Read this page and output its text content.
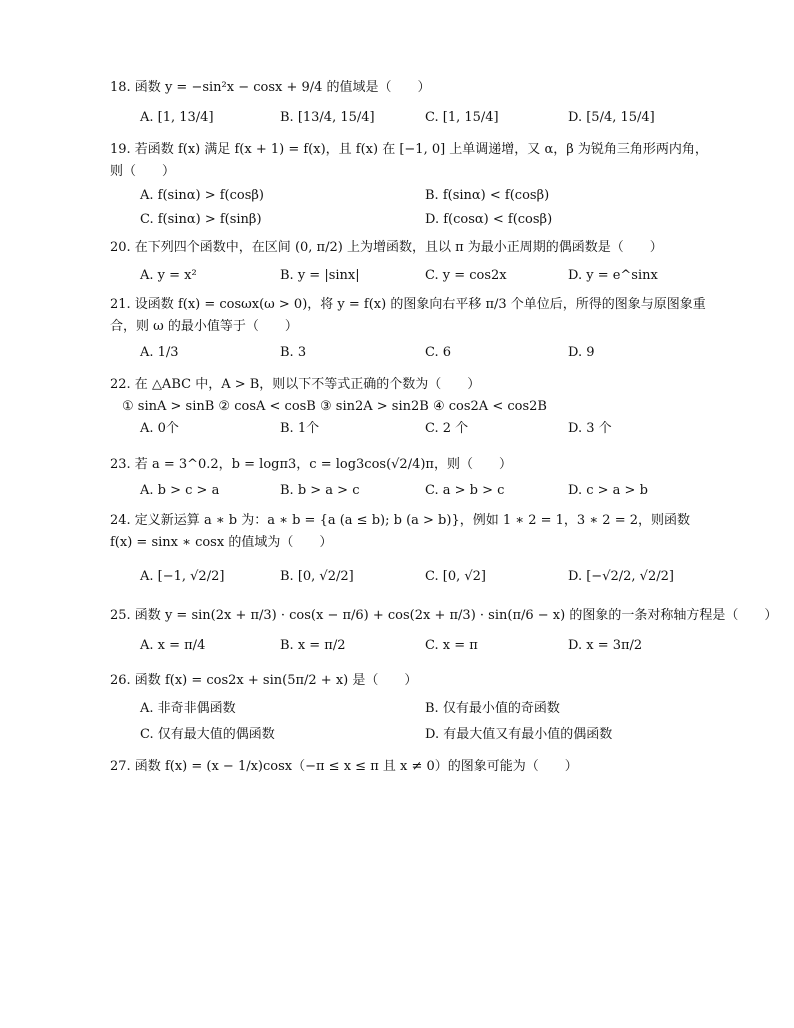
18. 函数 y = −sin²x − cosx + 9/4 的值域是（　　）
A. [1, 13/4]	B. [13/4, 15/4]	C. [1, 15/4]	D. [5/4, 15/4]
19. 若函数 f(x) 满足 f(x + 1) = f(x)，且 f(x) 在 [−1, 0] 上单调递增，又 α，β 为锐角三角形两内角，则（　　）
A. f(sinα) > f(cosβ)	B. f(sinα) < f(cosβ)
C. f(sinα) > f(sinβ)	D. f(cosα) < f(cosβ)
20. 在下列四个函数中，在区间 (0, π/2) 上为增函数，且以 π 为最小正周期的偶函数是（　　）
A. y = x²	B. y = |sinx|	C. y = cos2x	D. y = e^sinx
21. 设函数 f(x) = cosωx(ω > 0)，将 y = f(x) 的图象向右平移 π/3 个单位后，所得的图象与原图象重合，则 ω 的最小值等于（　　）
A. 1/3	B. 3	C. 6	D. 9
22. 在 △ABC 中，A > B，则以下不等式正确的个数为（　　）
① sinA > sinB ② cosA < cosB ③ sin2A > sin2B ④ cos2A < cos2B
A. 0个	B. 1个	C. 2 个	D. 3 个
23. 若 a = 3^0.2，b = logπ3，c = log3cos(√2/4)π，则（　　）
A. b > c > a	B. b > a > c	C. a > b > c	D. c > a > b
24. 定义新运算 a ∗ b 为：a ∗ b = {a (a ≤ b); b (a > b)}，例如 1 ∗ 2 = 1，3 ∗ 2 = 2，则函数 f(x) = sinx ∗ cosx 的值域为（　　）
A. [−1, √2/2]	B. [0, √2/2]	C. [0, √2]	D. [−√2/2, √2/2]
25. 函数 y = sin(2x + π/3) · cos(x − π/6) + cos(2x + π/3) · sin(π/6 − x) 的图象的一条对称轴方程是（　　）
A. x = π/4	B. x = π/2	C. x = π	D. x = 3π/2
26. 函数 f(x) = cos2x + sin(5π/2 + x) 是（　　）
A. 非奇非偶函数	B. 仅有最小值的奇函数
C. 仅有最大值的偶函数	D. 有最大值又有最小值的偶函数
27. 函数 f(x) = (x − 1/x)cosx（−π ≤ x ≤ π 且 x ≠ 0）的图象可能为（　　）
